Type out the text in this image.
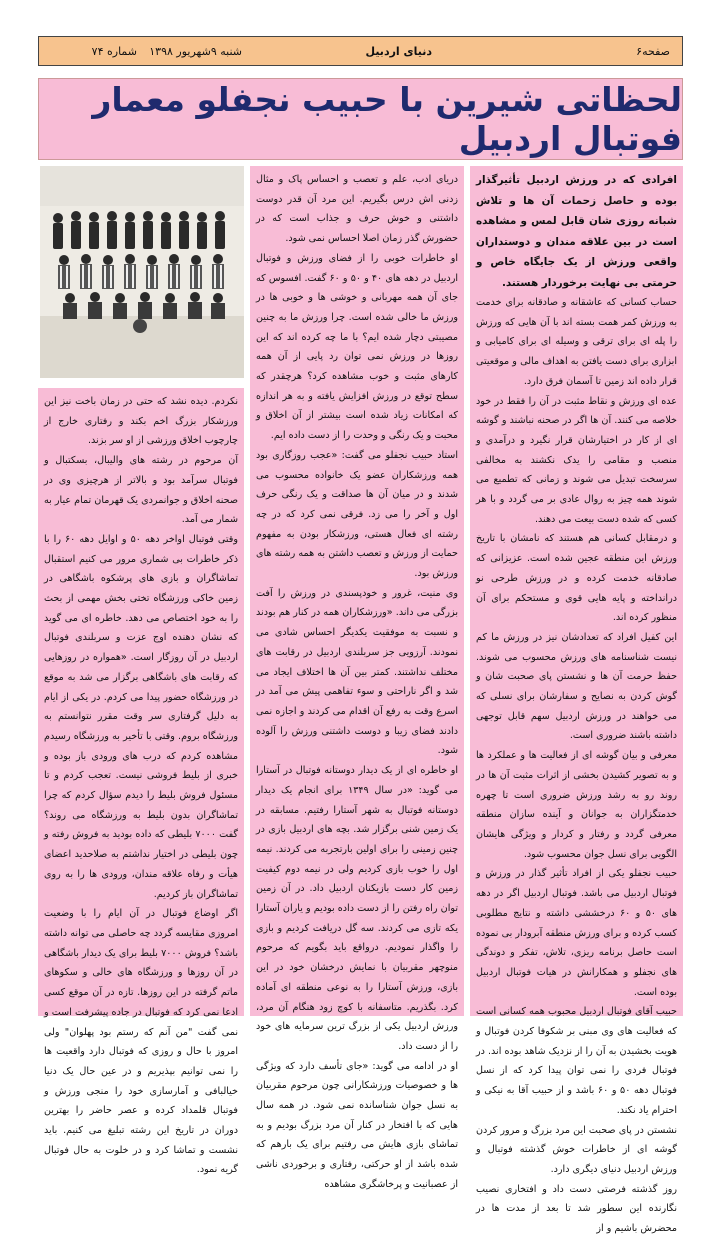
صفحه۶
دنیای اردبیل
شنبه ۹شهریور ۱۳۹۸
شماره ۷۴
لحظاتی شیرین با حبیب نجفلو معمار فوتبال اردبیل

افرادی که در ورزش اردبیل تأثیرگذار بوده و حاصل زحمات آن ها و تلاش شبانه روزی شان قابل لمس و مشاهده است در بین علاقه مندان و دوستداران واقعی ورزش از یک جایگاه خاص و حرمتی بی نهایت برخوردار هستند.

حساب کسانی که عاشقانه و صادقانه برای خدمت به ورزش کمر همت بسته اند با آن هایی که ورزش را پله ای برای ترقی و وسیله ای برای کامیابی و ابزاری برای دست یافتن به اهداف مالی و موقعیتی قرار داده اند زمین تا آسمان فرق دارد.

عده ای ورزش و نقاط مثبت در آن را فقط در خود خلاصه می کنند. آن ها اگر در صحنه نباشند و گوشه ای از کار در اختیارشان قرار نگیرد و درآمدی و منصب و مقامی را یدک نکشند به مخالفی سرسخت تبدیل می شوند و زمانی که تطمیع می شوند همه چیز به روال عادی بر می گردد و با هر کسی که شده دست بیعت می دهند.

و درمقابل کسانی هم هستند که نامشان با تاریخ ورزش این منطقه عجین شده است. عزیزانی که صادقانه خدمت کرده و در ورزش طرحی نو درانداخته و پایه هایی قوی و مستحکم برای آن منظور کرده اند.

این کفیل افراد که تعدادشان نیز در ورزش ما کم نیست شناسنامه های ورزش محسوب می شوند. حفظ حرمت آن ها و نشستن پای صحبت شان و گوش کردن به نصایح و سفارشان برای نسلی که می خواهند در ورزش اردبیل سهم قابل توجهی داشته باشند ضروری است.

معرفی و بیان گوشه ای از فعالیت ها و عملکرد ها و به تصویر کشیدن بخشی از اثرات مثبت آن ها در روند رو به رشد ورزش ضروری است تا چهره خدمتگزاران به جوانان و آینده سازان منطقه معرفی گردد و رفتار و کردار و ویژگی هایشان الگویی برای نسل جوان محسوب شود.

حبیب نجفلو یکی از افراد تأثیر گذار در ورزش و فوتبال اردبیل می باشد. فوتبال اردبیل اگر در دهه های ۵۰ و ۶۰ درخششی داشته و نتایج مطلوبی کسب کرده و برای ورزش منطقه آبرودار بی نموده است حاصل برنامه ریزی، تلاش، تفکر و دوندگی های نجفلو و همکارانش در هیات فوتبال اردبیل بوده است.

حبیب آقای فوتبال اردبیل محبوب همه کسانی است که فعالیت های وی مبنی بر شکوفا کردن فوتبال و هویت بخشیدن به آن را از نزدیک شاهد بوده اند. در فوتبال فردی را نمی توان پیدا کرد که از نسل فوتبال دهه ۵۰ و ۶۰ باشد و از حبیب آقا به نیکی و احترام یاد نکند.

نشستن در پای صحبت این مرد بزرگ و مرور کردن گوشه ای از خاطرات خوش گذشته فوتبال و ورزش اردبیل دنیای دیگری دارد.

روز گذشته فرصتی دست داد و افتخاری نصیب نگارنده این سطور شد تا بعد از مدت ها در محضرش باشیم و از

دریای ادب، علم و تعصب و احساس پاک و مثال زدنی اش درس بگیریم. این مرد آن قدر دوست داشتنی و خوش حرف و جذاب است که در حضورش گذر زمان اصلا احساس نمی شود.

او خاطرات خوبی را از فضای ورزش و فوتبال اردبیل در دهه های ۴۰ و ۵۰ و ۶۰ گفت. افسوس که جای آن همه مهربانی و خوشی ها و خوبی ها در ورزش ما خالی شده است. چرا ورزش ما به چنین مصیبتی دچار شده ایم؟ با ما چه کرده اند که این روزها در ورزش نمی توان رد پایی از آن همه کارهای مثبت و خوب مشاهده کرد؟ هرچقدر که سطح توقع در ورزش افزایش یافته و به هر اندازه که امکانات زیاد شده است بیشتر از آن اخلاق و محبت و یک رنگی و وحدت را از دست داده ایم.

استاد حبیب نجفلو می گفت: «عجب روزگاری بود همه ورزشکاران عضو یک خانواده محسوب می شدند و در میان آن ها صداقت و یک رنگی حرف اول و آخر را می زد. فرقی نمی کرد که در چه رشته ای فعال هستی، ورزشکار بودن به مفهوم حمایت از ورزش و تعصب داشتن به همه رشته های ورزش بود.

وی منیت، غرور و خودپسندی در ورزش را آفت بزرگی می داند. «ورزشکاران همه در کنار هم بودند و نسبت به موفقیت یکدیگر احساس شادی می نمودند. آرزویی جز سربلندی اردبیل در رقابت های مختلف نداشتند. کمتر بین آن ها اختلاف ایجاد می شد و اگر ناراحتی و سوء تفاهمی پیش می آمد در اسرع وقت به رفع آن اقدام می کردند و اجازه نمی دادند فضای زیبا و دوست داشتنی ورزش را آلوده شود.

او خاطره ای از یک دیدار دوستانه فوتبال در آستارا می گوید: «در سال ۱۳۴۹ برای انجام یک دیدار دوستانه فوتبال به شهر آستارا رفتیم. مسابقه در یک زمین شنی برگزار شد. بچه های اردبیل بازی در چنین زمینی را برای اولین بارتجربه می کردند. نیمه اول را خوب بازی کردیم ولی در نیمه دوم کیفیت زمین کار دست بازیکنان اردبیل داد. در آن زمین توان راه رفتن را از دست داده بودیم و یاران آستارا یکه تازی می کردند. سه گل دریافت کردیم و بازی را واگذار نمودیم. درواقع باید بگویم که مرحوم منوچهر مقربیان با نمایش درخشان خود در این بازی، ورزش آستارا را به نوعی منطقه ای آماده کرد. بگذریم. متاسفانه با کوچ زود هنگام آن مرد، ورزش اردبیل یکی از بزرگ ترین سرمایه های خود را از دست داد.

او در ادامه می گوید: «جای تأسف دارد که ویژگی ها و خصوصیات ورزشکارانی چون مرحوم مقربیان به نسل جوان شناسانده نمی شود. در همه سال هایی که با افتخار در کنار آن مرد بزرگ بودیم و به تماشای بازی هایش می رفتیم برای یک بارهم که شده باشد از او حرکتی، رفتاری و برخوردی ناشی از عصبانیت و پرخاشگری مشاهده

نکردم. دیده نشد که حتی در زمان باخت نیز این ورزشکار بزرگ اخم بکند و رفتاری خارج از چارچوب اخلاق ورزشی از او سر بزند.

آن مرحوم در رشته های والیبال، بسکتبال و فوتبال سرآمد بود و بالاتر از هرچیزی وی در صحنه اخلاق و جوانمردی یک قهرمان تمام عیار به شمار می آمد.

وقتی فوتبال اواخر دهه ۵۰ و اوایل دهه ۶۰ را با ذکر خاطرات بی شماری مرور می کنیم استقبال تماشاگران و بازی های پرشکوه باشگاهی در زمین خاکی ورزشگاه تختی بخش مهمی از بحث را به خود اختصاص می دهد. خاطره ای می گوید که نشان دهنده اوج عزت و سربلندی فوتبال اردبیل در آن روزگار است. «همواره در روزهایی که رقابت های باشگاهی برگزار می شد به موقع در ورزشگاه حضور پیدا می کردم. در یکی از ایام به دلیل گرفتاری سر وقت مقرر نتوانستم به ورزشگاه بروم. وقتی با تأخیر به ورزشگاه رسیدم مشاهده کردم که درب های ورودی باز بوده و خبری از بلیط فروشی نیست. تعجب کردم و تا مسئول فروش بلیط را دیدم سؤال کردم که چرا تماشاگران بدون بلیط به ورزشگاه می روند؟ گفت ۷۰۰۰ بلیطی که داده بودید به فروش رفته و چون بلیطی در اختیار نداشتم به صلاحدید اعضای هیأت و رفاه علاقه مندان، ورودی ها را به روی تماشاگران باز کردیم.

اگر اوضاع فوتبال در آن ایام را با وضعیت امروزی مقایسه گردد چه حاصلی می توانه داشته باشد؟ فروش ۷۰۰۰ بلیط برای یک دیدار باشگاهی در آن روزها و ورزشگاه های خالی و سکوهای ماتم گرفته در این روزها. تازه در آن موقع کسی ادعا نمی کرد که فوتبال در جاده پیشرفت است و نمی گفت "من آنم که رستم بود پهلوان" ولی امروز با حال و روزی که فوتبال دارد واقعیت ها را نمی توانیم بپذیریم و در عین حال یک دنیا خیالبافی و آمارسازی خود را منجی ورزش و فوتبال قلمداد کرده و عصر حاضر را بهترین دوران در تاریخ این رشته تبلیغ می کنیم. باید نشست و تماشا کرد و در خلوت به حال فوتبال گریه نمود.
